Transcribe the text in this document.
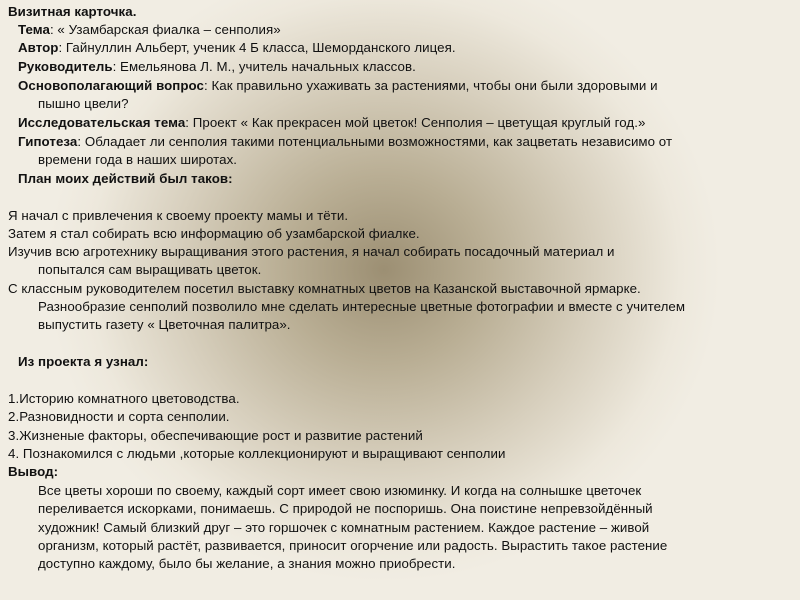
Визитная карточка.
Тема: « Узамбарская фиалка – сенполия»
Автор: Гайнуллин Альберт, ученик 4 Б класса, Шеморданского лицея.
Руководитель: Емельянова Л. М., учитель начальных классов.
Основополагающий вопрос: Как правильно ухаживать за растениями, чтобы они были здоровыми и
пышно цвели?
Исследовательская тема: Проект « Как прекрасен мой цветок! Сенполия – цветущая круглый год.»
Гипотеза: Обладает ли сенполия такими потенциальными возможностями, как зацветать независимо от
времени года в наших широтах.
План моих действий был таков:
Я начал с привлечения к своему проекту мамы и тёти.
Затем я стал собирать всю информацию об узамбарской фиалке.
Изучив всю агротехнику выращивания этого растения, я начал собирать посадочный материал и
попытался сам выращивать цветок.
С классным руководителем посетил выставку комнатных цветов на Казанской выставочной ярмарке.
Разнообразие сенполий позволило мне сделать интересные цветные фотографии и вместе с учителем
выпустить газету « Цветочная палитра».
Из проекта я узнал:
1.Историю комнатного цветоводства.
2.Разновидности и сорта сенполии.
3.Жизненые факторы, обеспечивающие рост и развитие растений
4. Познакомился с людьми ,которые коллекционируют и выращивают сенполии
Вывод:
Все цветы хороши по своему, каждый сорт имеет свою изюминку. И когда на солнышке цветочек
переливается искорками, понимаешь. С природой не поспоришь. Она поистине непревзойдённый
художник! Самый близкий друг – это горшочек с комнатным растением. Каждое растение – живой
организм, который растёт, развивается, приносит огорчение или радость. Вырастить такое растение
доступно каждому, было бы желание, а знания можно приобрести.
